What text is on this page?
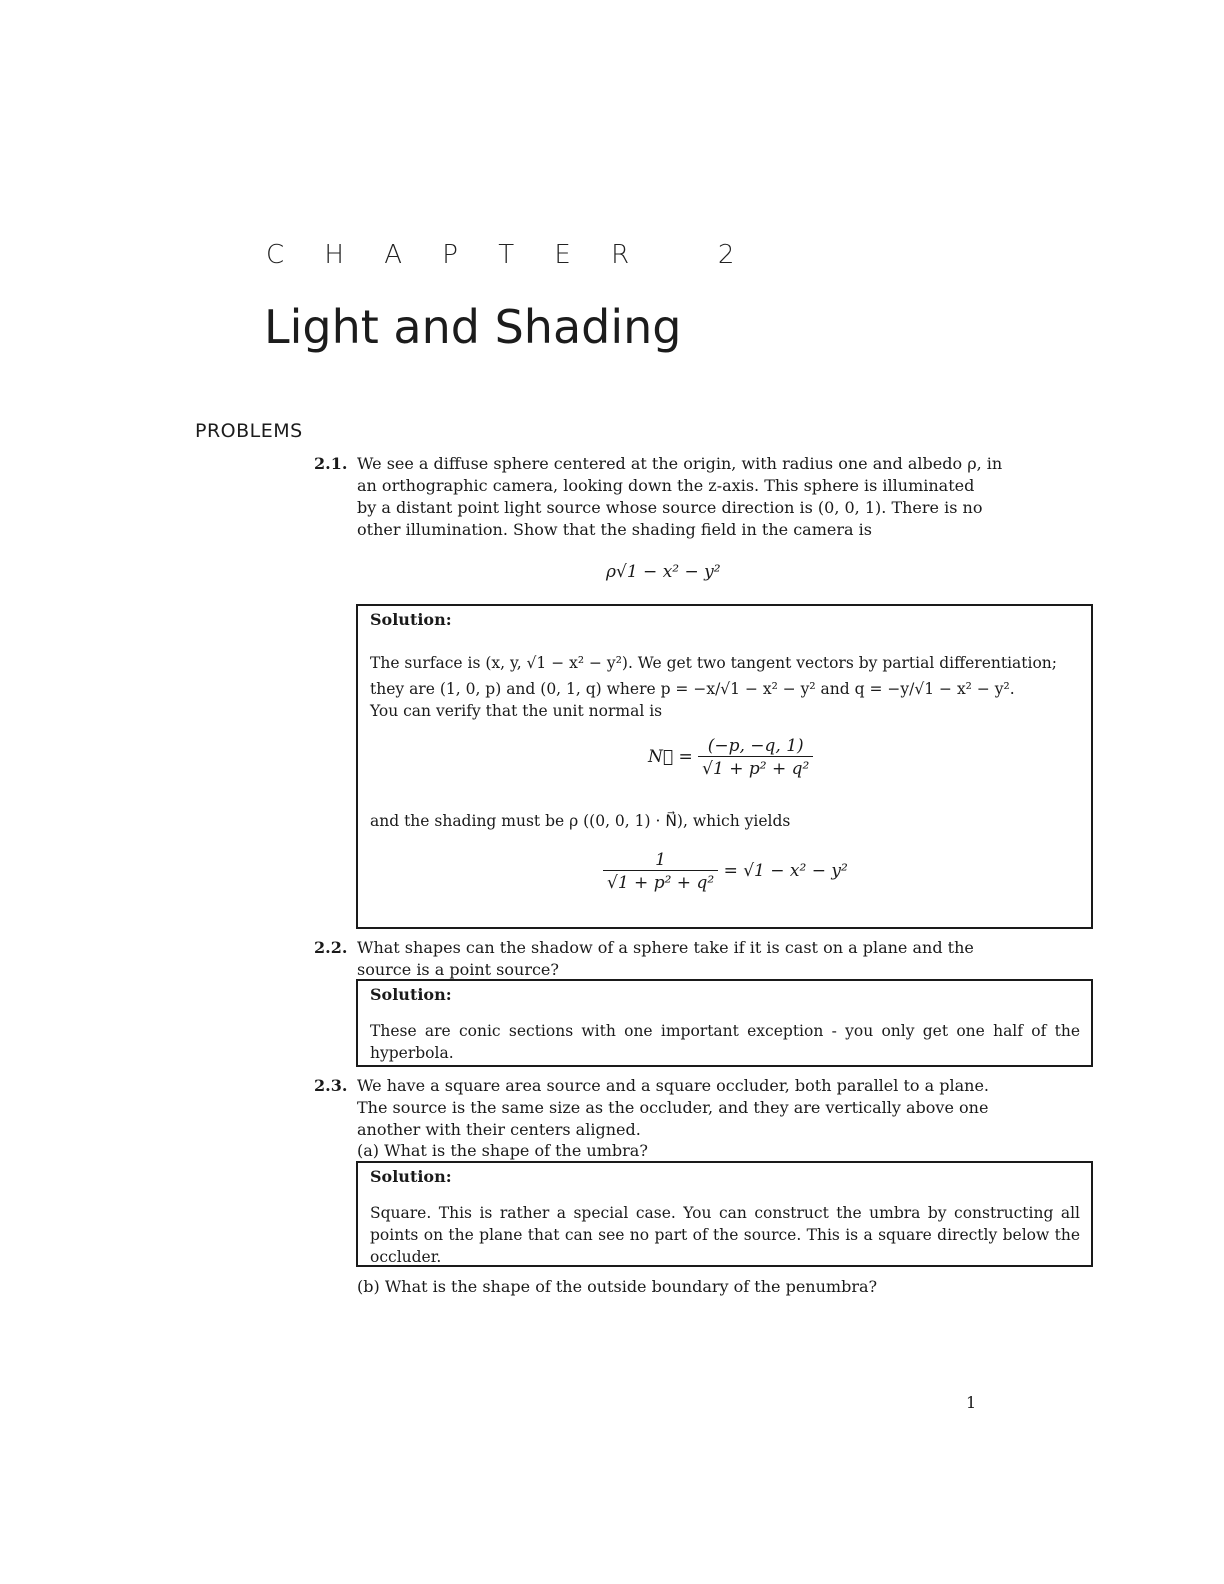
C H A P T E R   2
Light and Shading
PROBLEMS
2.1. We see a diffuse sphere centered at the origin, with radius one and albedo ρ, in
an orthographic camera, looking down the z-axis. This sphere is illuminated
by a distant point light source whose source direction is (0, 0, 1). There is no
other illumination. Show that the shading field in the camera is
ρ√1 − x² − y²
Solution:
The surface is (x, y, √1 − x² − y²). We get two tangent vectors by partial differentiation;
they are (1, 0, p) and (0, 1, q) where p = −x/√1 − x² − y² and q = −y/√1 − x² − y².
You can verify that the unit normal is
N⃗ = $\frac{(-p, -q, 1)}{\text{√1 + p² + q²}}$
and the shading must be ρ ((0, 0, 1) · N⃗), which yields
$\frac{1}{\text{√1 + p² + q²}} = √1 - x^2 - y^2$
2.2. What shapes can the shadow of a sphere take if it is cast on a plane and the
source is a point source?
Solution:
These are conic sections with one important exception - you only get one half of the hyperbola.
2.3. We have a square area source and a square occluder, both parallel to a plane.
The source is the same size as the occluder, and they are vertically above one
another with their centers aligned.
(a) What is the shape of the umbra?
Solution:
Square. This is rather a special case. You can construct the umbra by constructing all points on the plane that can see no part of the source. This is a square directly below the occluder.
(b) What is the shape of the outside boundary of the penumbra?
1
